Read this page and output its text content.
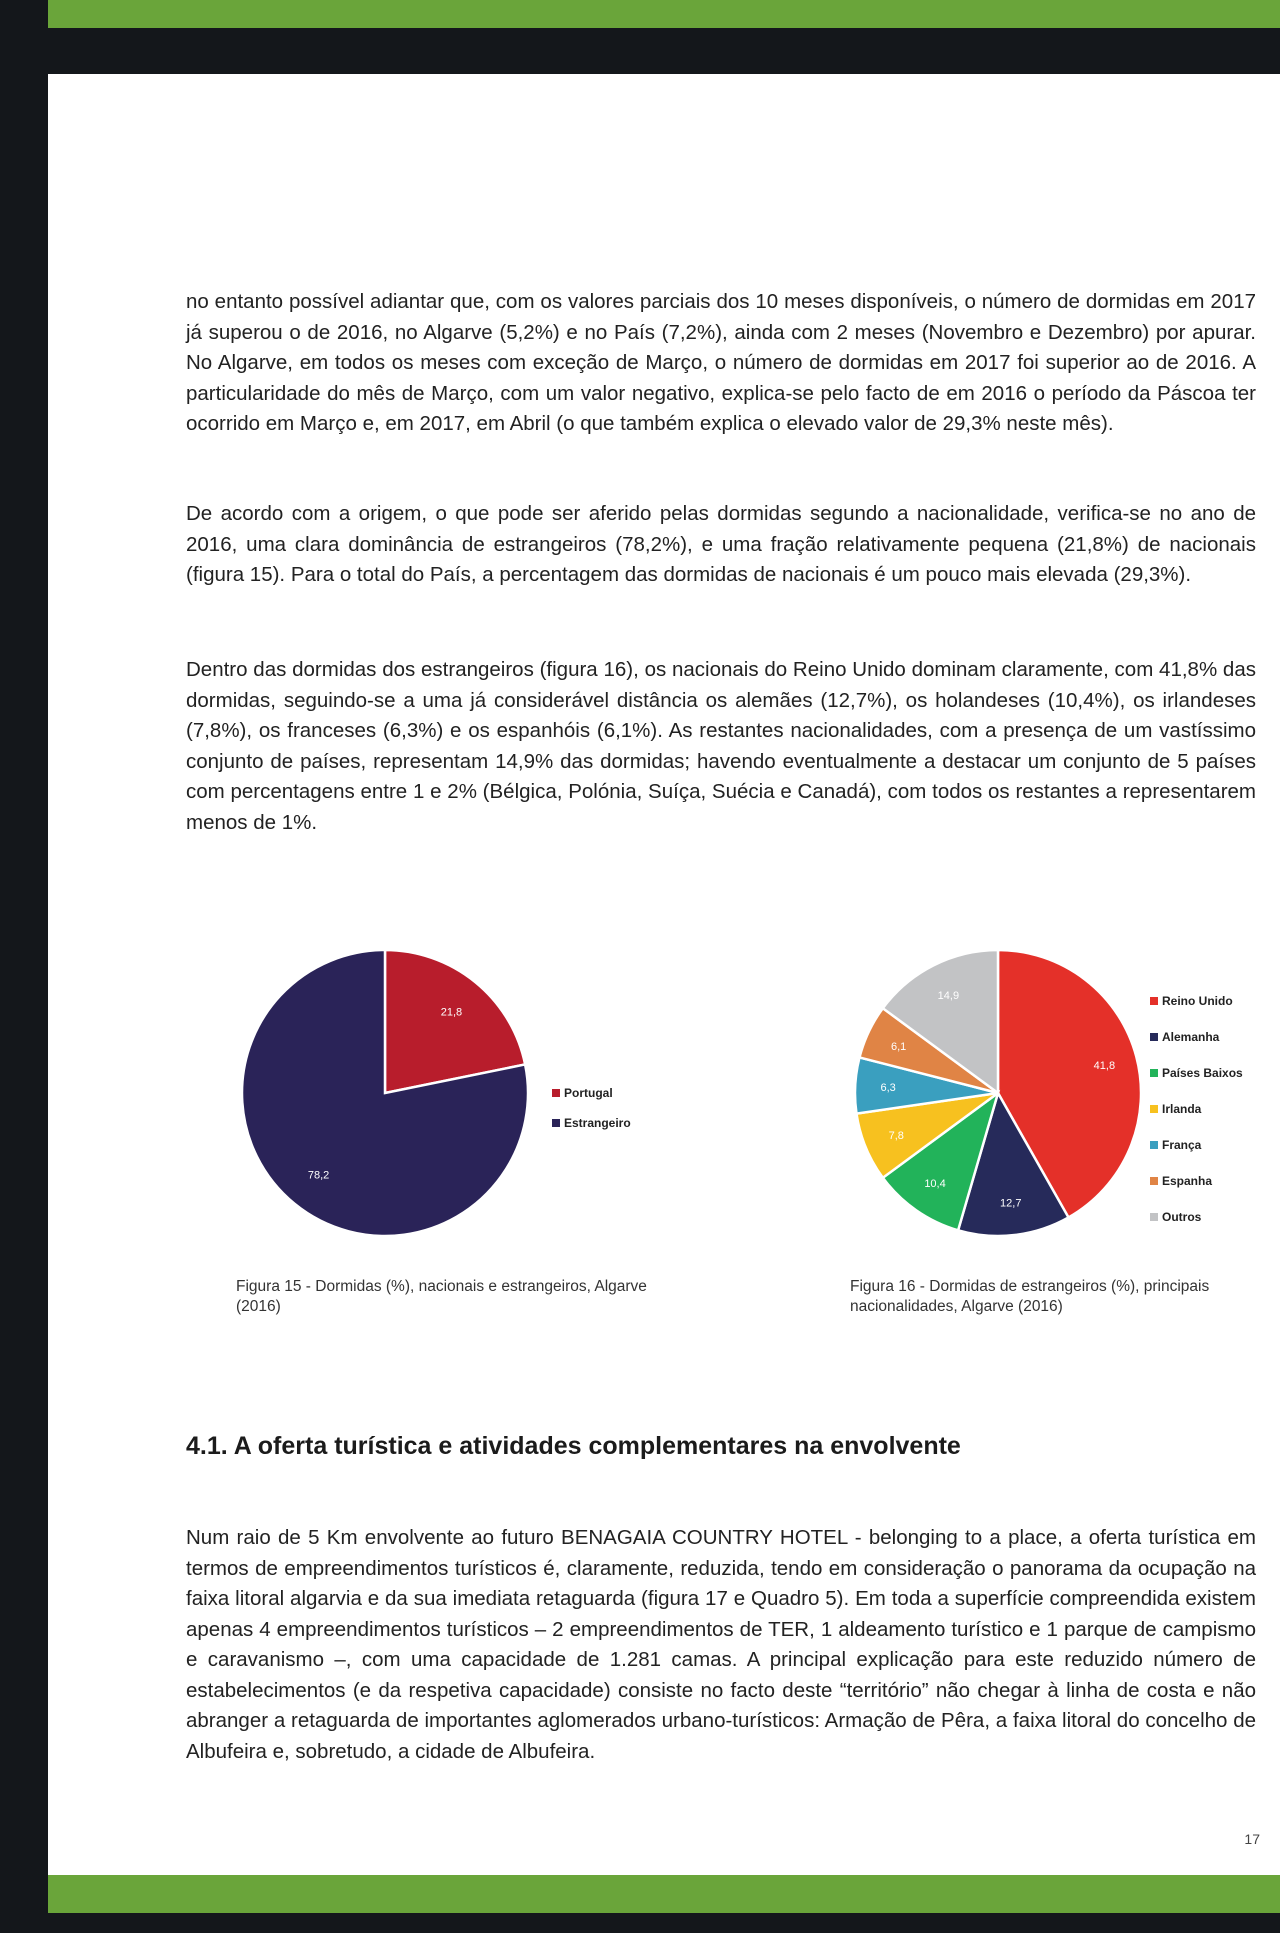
17

no entanto possível adiantar que, com os valores parciais dos 10 meses disponíveis, o número de dormidas em 2017 já superou o de 2016, no Algarve (5,2%) e no País (7,2%), ainda com 2 meses (Novembro e Dezembro) por apurar. No Algarve, em todos os meses com exceção de Março, o número de dormidas em 2017 foi superior ao de 2016. A particularidade do mês de Março, com um valor negativo, explica-se pelo facto de em 2016 o período da Páscoa ter ocorrido em Março e, em 2017, em Abril (o que também explica o elevado valor de 29,3% neste mês).

De acordo com a origem, o que pode ser aferido pelas dormidas segundo a nacionalidade, verifica-se no ano de 2016, uma clara dominância de estrangeiros (78,2%), e uma fração relativamente pequena (21,8%) de nacionais (figura 15). Para o total do País, a percentagem das dormidas de nacionais é um pouco mais elevada (29,3%).

Dentro das dormidas dos estrangeiros (figura 16), os nacionais do Reino Unido dominam claramente, com 41,8% das dormidas, seguindo-se a uma já considerável distância os alemães (12,7%), os holandeses (10,4%), os irlandeses (7,8%), os franceses (6,3%) e os espanhóis (6,1%). As restantes nacionalidades, com a presença de um vastíssimo conjunto de países, representam 14,9% das dormidas; havendo eventualmente a destacar um conjunto de 5 países com percentagens entre 1 e 2% (Bélgica, Polónia, Suíça, Suécia e Canadá), com todos os restantes a representarem menos de 1%.

21,8
78,2
Portugal
Estrangeiro
Figura 15 - Dormidas (%), nacionais e estrangeiros, Algarve (2016)
41,8
12,7
10,4
7,8
6,3
6,1
14,9	Reino Unido
Alemanha
Países Baixos
Irlanda
França
Espanha
Outros
Figura 16 - Dormidas de estrangeiros (%), principais nacionalidades, Algarve (2016)
4.1. A oferta turística e atividades complementares na envolvente

Num raio de 5 Km envolvente ao futuro BENAGAIA COUNTRY HOTEL - belonging to a place, a oferta turística em termos de empreendimentos turísticos é, claramente, reduzida, tendo em consideração o panorama da ocupação na faixa litoral algarvia e da sua imediata retaguarda (figura 17 e Quadro 5). Em toda a superfície compreendida existem apenas 4 empreendimentos turísticos – 2 empreendimentos de TER, 1 aldeamento turístico e 1 parque de campismo e caravanismo –, com uma capacidade de 1.281 camas. A principal explicação para este reduzido número de estabelecimentos (e da respetiva capacidade) consiste no facto deste “território” não chegar à linha de costa e não abranger a retaguarda de importantes aglomerados urbano-turísticos: Armação de Pêra, a faixa litoral do concelho de Albufeira e, sobretudo, a cidade de Albufeira.
